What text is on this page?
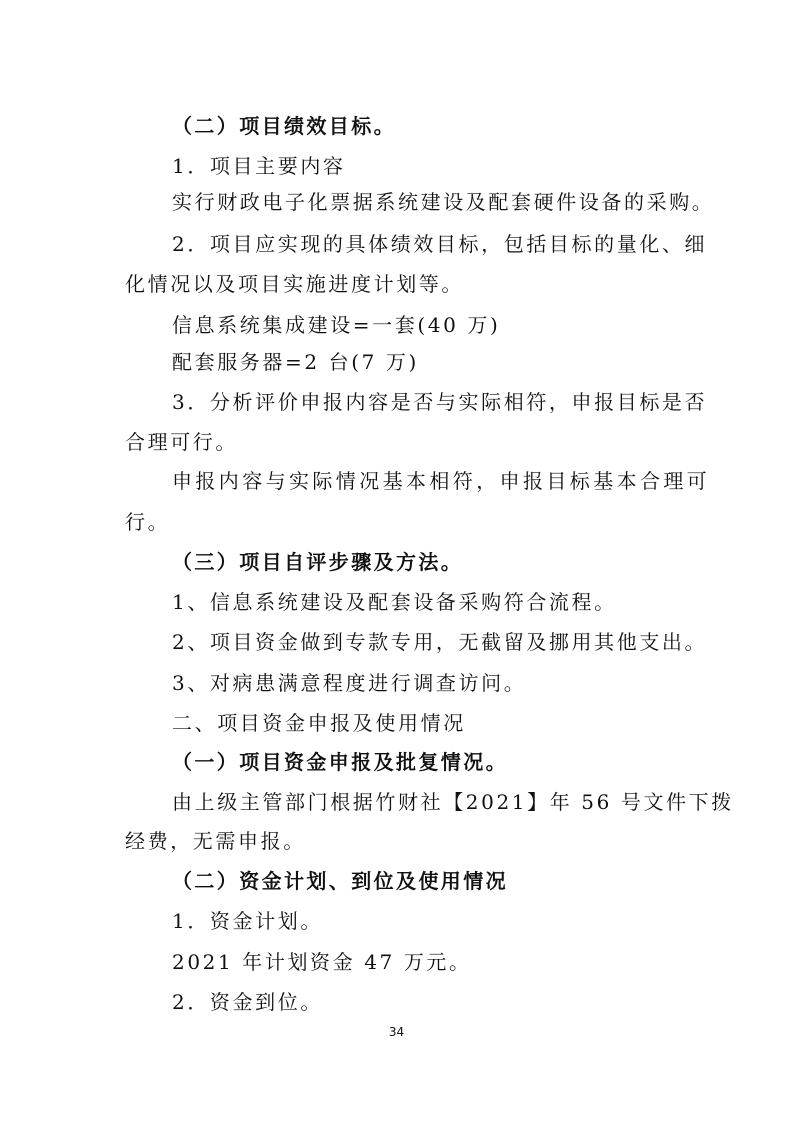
（二）项目绩效目标。

1．项目主要内容

实行财政电子化票据系统建设及配套硬件设备的采购。

2．项目应实现的具体绩效目标，包括目标的量化、细

化情况以及项目实施进度计划等。

信息系统集成建设=一套(40 万)

配套服务器=2 台(7 万)

3．分析评价申报内容是否与实际相符，申报目标是否

合理可行。

申报内容与实际情况基本相符，申报目标基本合理可

行。

（三）项目自评步骤及方法。

1、信息系统建设及配套设备采购符合流程。

2、项目资金做到专款专用，无截留及挪用其他支出。

3、对病患满意程度进行调查访问。

二、项目资金申报及使用情况

（一）项目资金申报及批复情况。

由上级主管部门根据竹财社【2021】年 56 号文件下拨

经费，无需申报。

（二）资金计划、到位及使用情况

1．资金计划。

2021 年计划资金 47 万元。

2．资金到位。

34
